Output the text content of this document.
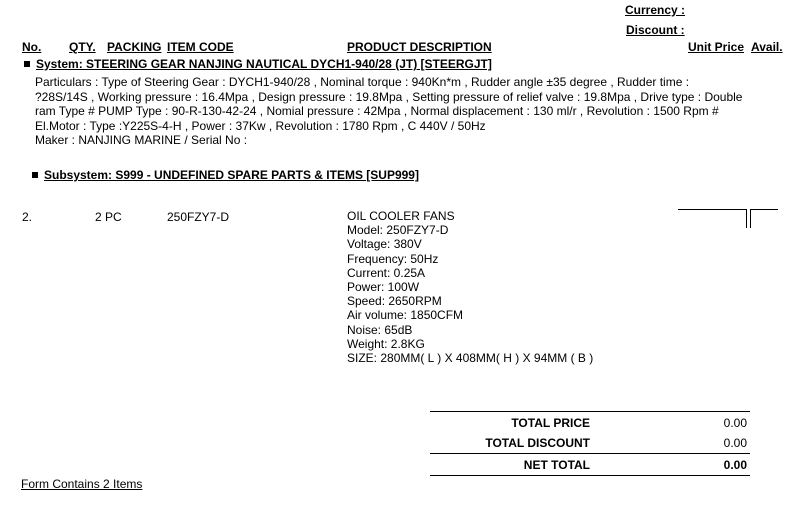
Currency :
Discount :
No. QTY. PACKING ITEM CODE	PRODUCT DESCRIPTION	Unit Price Avail.
System: STEERING GEAR NANJING NAUTICAL DYCH1-940/28 (JT) [STEERGJT]
Particulars : Type of Steering Gear : DYCH1-940/28 , Nominal torque : 940Kn*m , Rudder angle ±35 degree , Rudder time :
?28S/14S , Working pressure : 16.4Mpa , Design pressure : 19.8Mpa , Setting pressure of relief valve : 19.8Mpa , Drive type : Double
ram Type # PUMP Type : 90-R-130-42-24 , Nomial pressure : 42Mpa , Normal displacement : 130 ml/r , Revolution : 1500 Rpm #
El.Motor : Type :Y225S-4-H , Power : 37Kw , Revolution : 1780 Rpm , C 440V / 50Hz
Maker : NANJING MARINE / Serial No :
Subsystem: S999 - UNDEFINED SPARE PARTS & ITEMS [SUP999]
2.	2 PC	250FZY7-D	OIL COOLER FANS
Model: 250FZY7-D
Voltage: 380V
Frequency: 50Hz
Current: 0.25A
Power: 100W
Speed: 2650RPM
Air volume: 1850CFM
Noise: 65dB
Weight: 2.8KG
SIZE: 280MM( L ) X 408MM( H ) X 94MM ( B )
TOTAL PRICE	0.00
TOTAL DISCOUNT	0.00
NET TOTAL	0.00
Form Contains 2 Items
